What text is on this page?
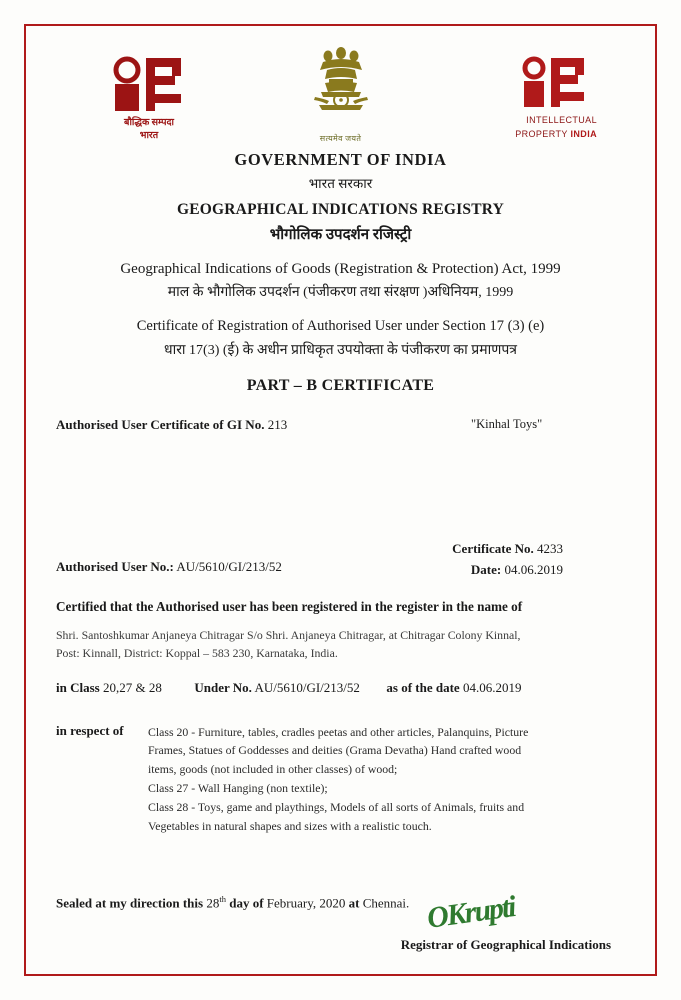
बौद्धिक सम्पदा
भारत	सत्यमेव जयते
INTELLECTUAL
PROPERTY INDIA
GOVERNMENT OF INDIA
भारत सरकार
GEOGRAPHICAL INDICATIONS REGISTRY
भौगोलिक उपदर्शन रजिस्ट्री
Geographical Indications of Goods (Registration & Protection) Act, 1999
माल के भौगोलिक उपदर्शन (पंजीकरण तथा संरक्षण )अधिनियम, 1999
Certificate of Registration of Authorised User under Section 17 (3) (e)
धारा 17(3) (ई) के अधीन प्राधिकृत उपयोक्ता के पंजीकरण का प्रमाणपत्र
PART – B CERTIFICATE
Authorised User Certificate of GI No. 213	"Kinhal Toys"
Certificate No. 4233
Date: 04.06.2019
Authorised User No.: AU/5610/GI/213/52
Certified that the Authorised user has been registered in the register in the name of
Shri. Santoshkumar Anjaneya Chitragar S/o Shri. Anjaneya Chitragar, at Chitragar Colony Kinnal,
Post: Kinnall, District: Koppal – 583 230, Karnataka, India.
in Class 20,27 & 28	Under No. AU/5610/GI/213/52 as of the date 04.06.2019
in respect of Class 20 - Furniture, tables, cradles peetas and other articles, Palanquins, Picture
Frames, Statues of Goddesses and deities (Grama Devatha) Hand crafted wood
items, goods (not included in other classes) of wood;
Class 27 - Wall Hanging (non textile);
Class 28 - Toys, game and playthings, Models of all sorts of Animals, fruits and
Vegetables in natural shapes and sizes with a realistic touch.
Sealed at my direction this 28th day of February, 2020 at Chennai. OKrupti
Registrar of Geographical Indications
